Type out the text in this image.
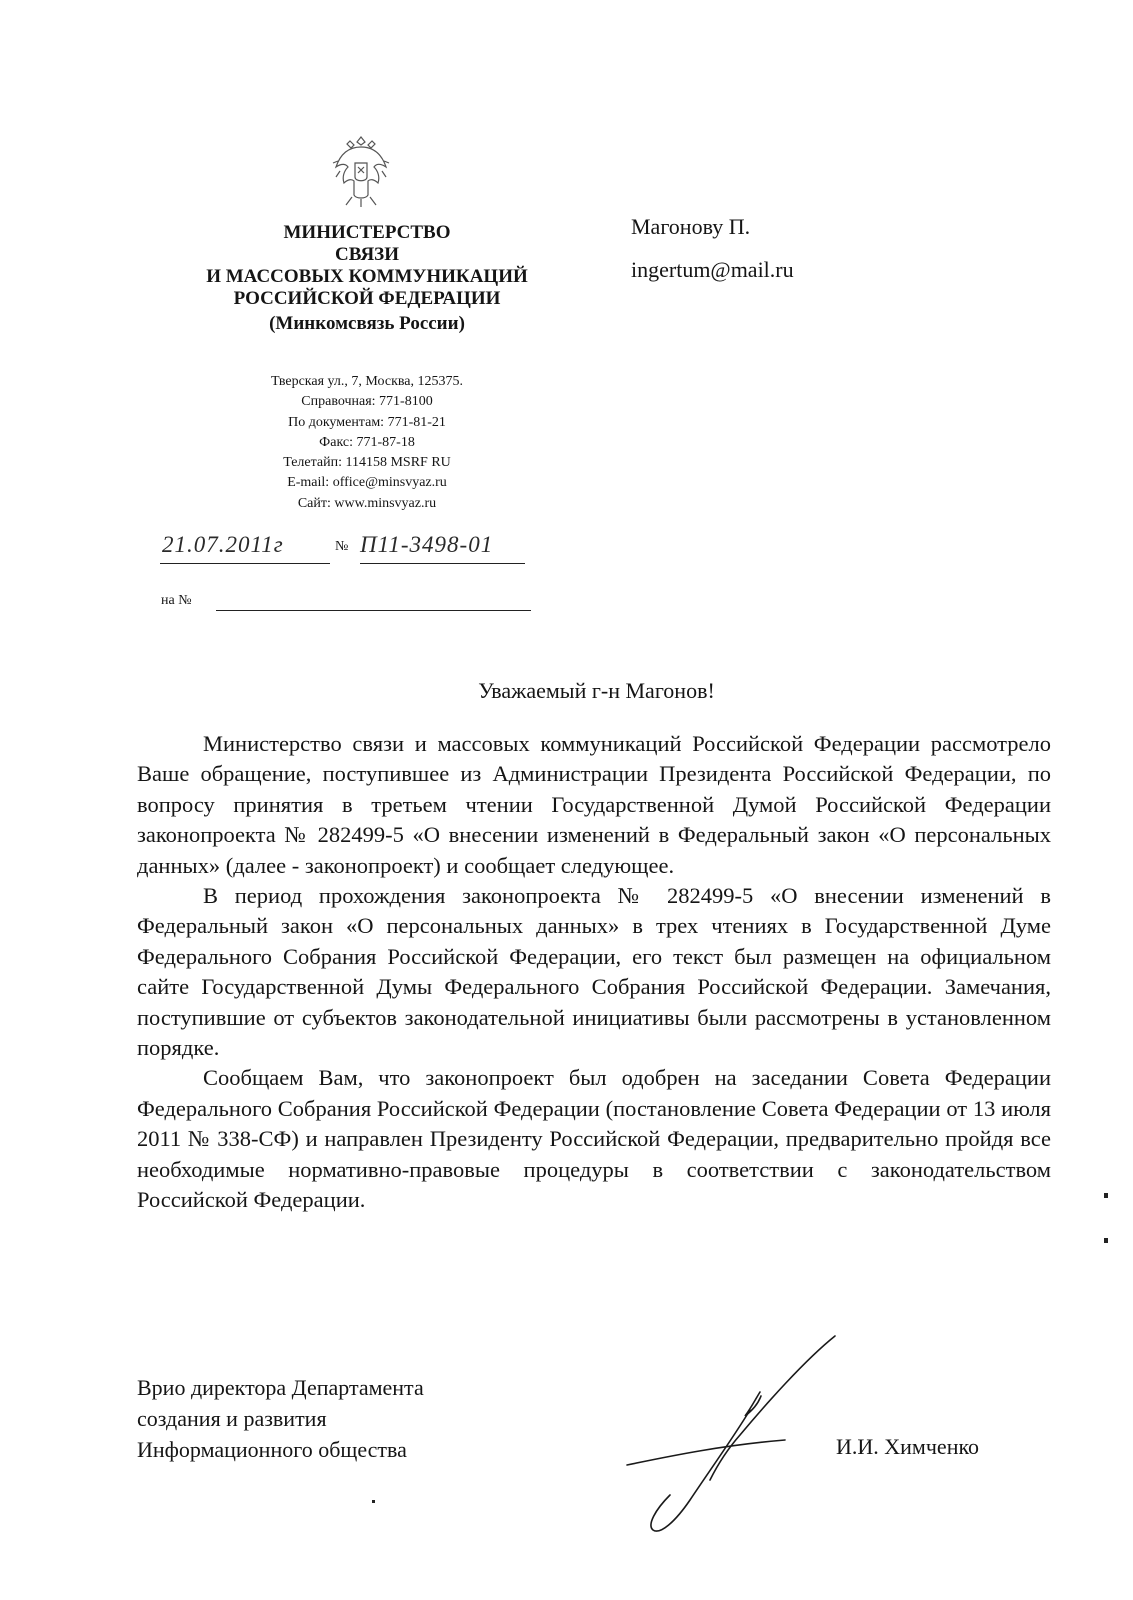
МИНИСТЕРСТВО
СВЯЗИ
И МАССОВЫХ КОММУНИКАЦИЙ
РОССИЙСКОЙ ФЕДЕРАЦИИ
(Минкомсвязь России)
Тверская ул., 7, Москва, 125375.
Справочная: 771-8100
По документам: 771-81-21
Факс: 771-87-18
Телетайп: 114158 MSRF RU
E-mail: office@minsvyaz.ru
Сайт: www.minsvyaz.ru
Магонову П.
ingertum@mail.ru
21.07.2011г	№ П11-3498-01
на №
Уважаемый г-н Магонов!

Министерство связи и массовых коммуникаций Российской Федерации рассмотрело Ваше обращение, поступившее из Администрации Президента Российской Федерации, по вопросу принятия в третьем чтении Государственной Думой Российской Федерации законопроекта № 282499-5 «О внесении изменений в Федеральный закон «О персональных данных» (далее - законопроект) и сообщает следующее.

В период прохождения законопроекта № 282499-5 «О внесении изменений в Федеральный закон «О персональных данных» в трех чтениях в Государственной Думе Федерального Собрания Российской Федерации, его текст был размещен на официальном сайте Государственной Думы Федерального Собрания Российской Федерации. Замечания, поступившие от субъектов законодательной инициативы были рассмотрены в установленном порядке.

Сообщаем Вам, что законопроект был одобрен на заседании Совета Федерации Федерального Собрания Российской Федерации (постановление Совета Федерации от 13 июля 2011 № 338-СФ) и направлен Президенту Российской Федерации, предварительно пройдя все необходимые нормативно-правовые процедуры в соответствии с законодательством Российской Федерации.

Врио директора Департамента
создания и развития
Информационного общества	И.И. Химченко
